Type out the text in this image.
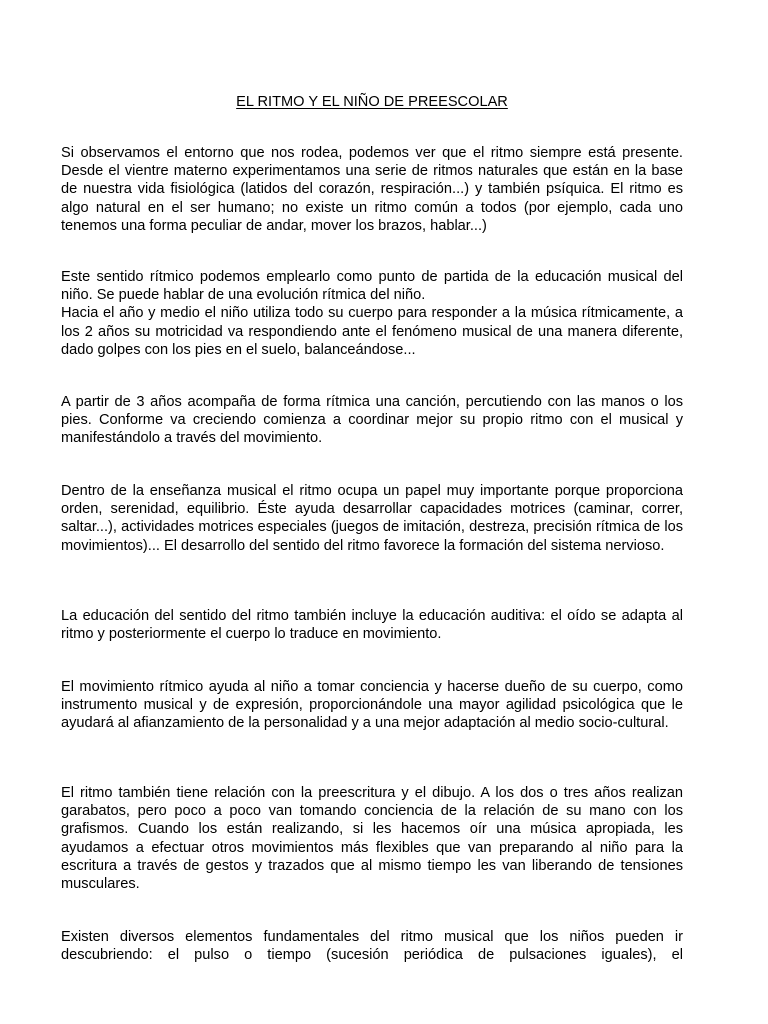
EL RITMO Y EL NIÑO DE PREESCOLAR

Si observamos el entorno que nos rodea, podemos ver que el ritmo siempre está presente. Desde el vientre materno experimentamos una serie de ritmos naturales que están en la base de nuestra vida fisiológica (latidos del corazón, respiración...) y también psíquica. El ritmo es algo natural en el ser humano; no existe un ritmo común a todos (por ejemplo, cada uno tenemos una forma peculiar de andar, mover los brazos, hablar...)

Este sentido rítmico podemos emplearlo como punto de partida de la educación musical del niño. Se puede hablar de una evolución rítmica del niño.
Hacia el año y medio el niño utiliza todo su cuerpo para responder a la música rítmicamente, a los 2 años su motricidad va respondiendo ante el fenómeno musical de una manera diferente, dado golpes con los pies en el suelo, balanceándose...

A partir de 3 años acompaña de forma rítmica una canción, percutiendo con las manos o los pies. Conforme va creciendo comienza a coordinar mejor su propio ritmo con el musical y manifestándolo a través del movimiento.

Dentro de la enseñanza musical el ritmo ocupa un papel muy importante porque proporciona orden, serenidad, equilibrio. Éste ayuda desarrollar capacidades motrices (caminar, correr, saltar...), actividades motrices especiales (juegos de imitación, destreza, precisión rítmica de los movimientos)... El desarrollo del sentido del ritmo favorece la formación del sistema nervioso.

La educación del sentido del ritmo también incluye la educación auditiva: el oído se adapta al ritmo y posteriormente el cuerpo lo traduce en movimiento.

El movimiento rítmico ayuda al niño a tomar conciencia y hacerse dueño de su cuerpo, como instrumento musical y de expresión, proporcionándole una mayor agilidad psicológica que le ayudará al afianzamiento de la personalidad y a una mejor adaptación al medio socio-cultural.

El ritmo también tiene relación con la preescritura y el dibujo. A los dos o tres años realizan garabatos, pero poco a poco van tomando conciencia de la relación de su mano con los grafismos. Cuando los están realizando, si les hacemos oír una música apropiada, les ayudamos a efectuar otros movimientos más flexibles que van preparando al niño para la escritura a través de gestos y trazados que al mismo tiempo les van liberando de tensiones musculares.

Existen diversos elementos fundamentales del ritmo musical que los niños pueden ir descubriendo: el pulso o tiempo (sucesión periódica de pulsaciones iguales), el
